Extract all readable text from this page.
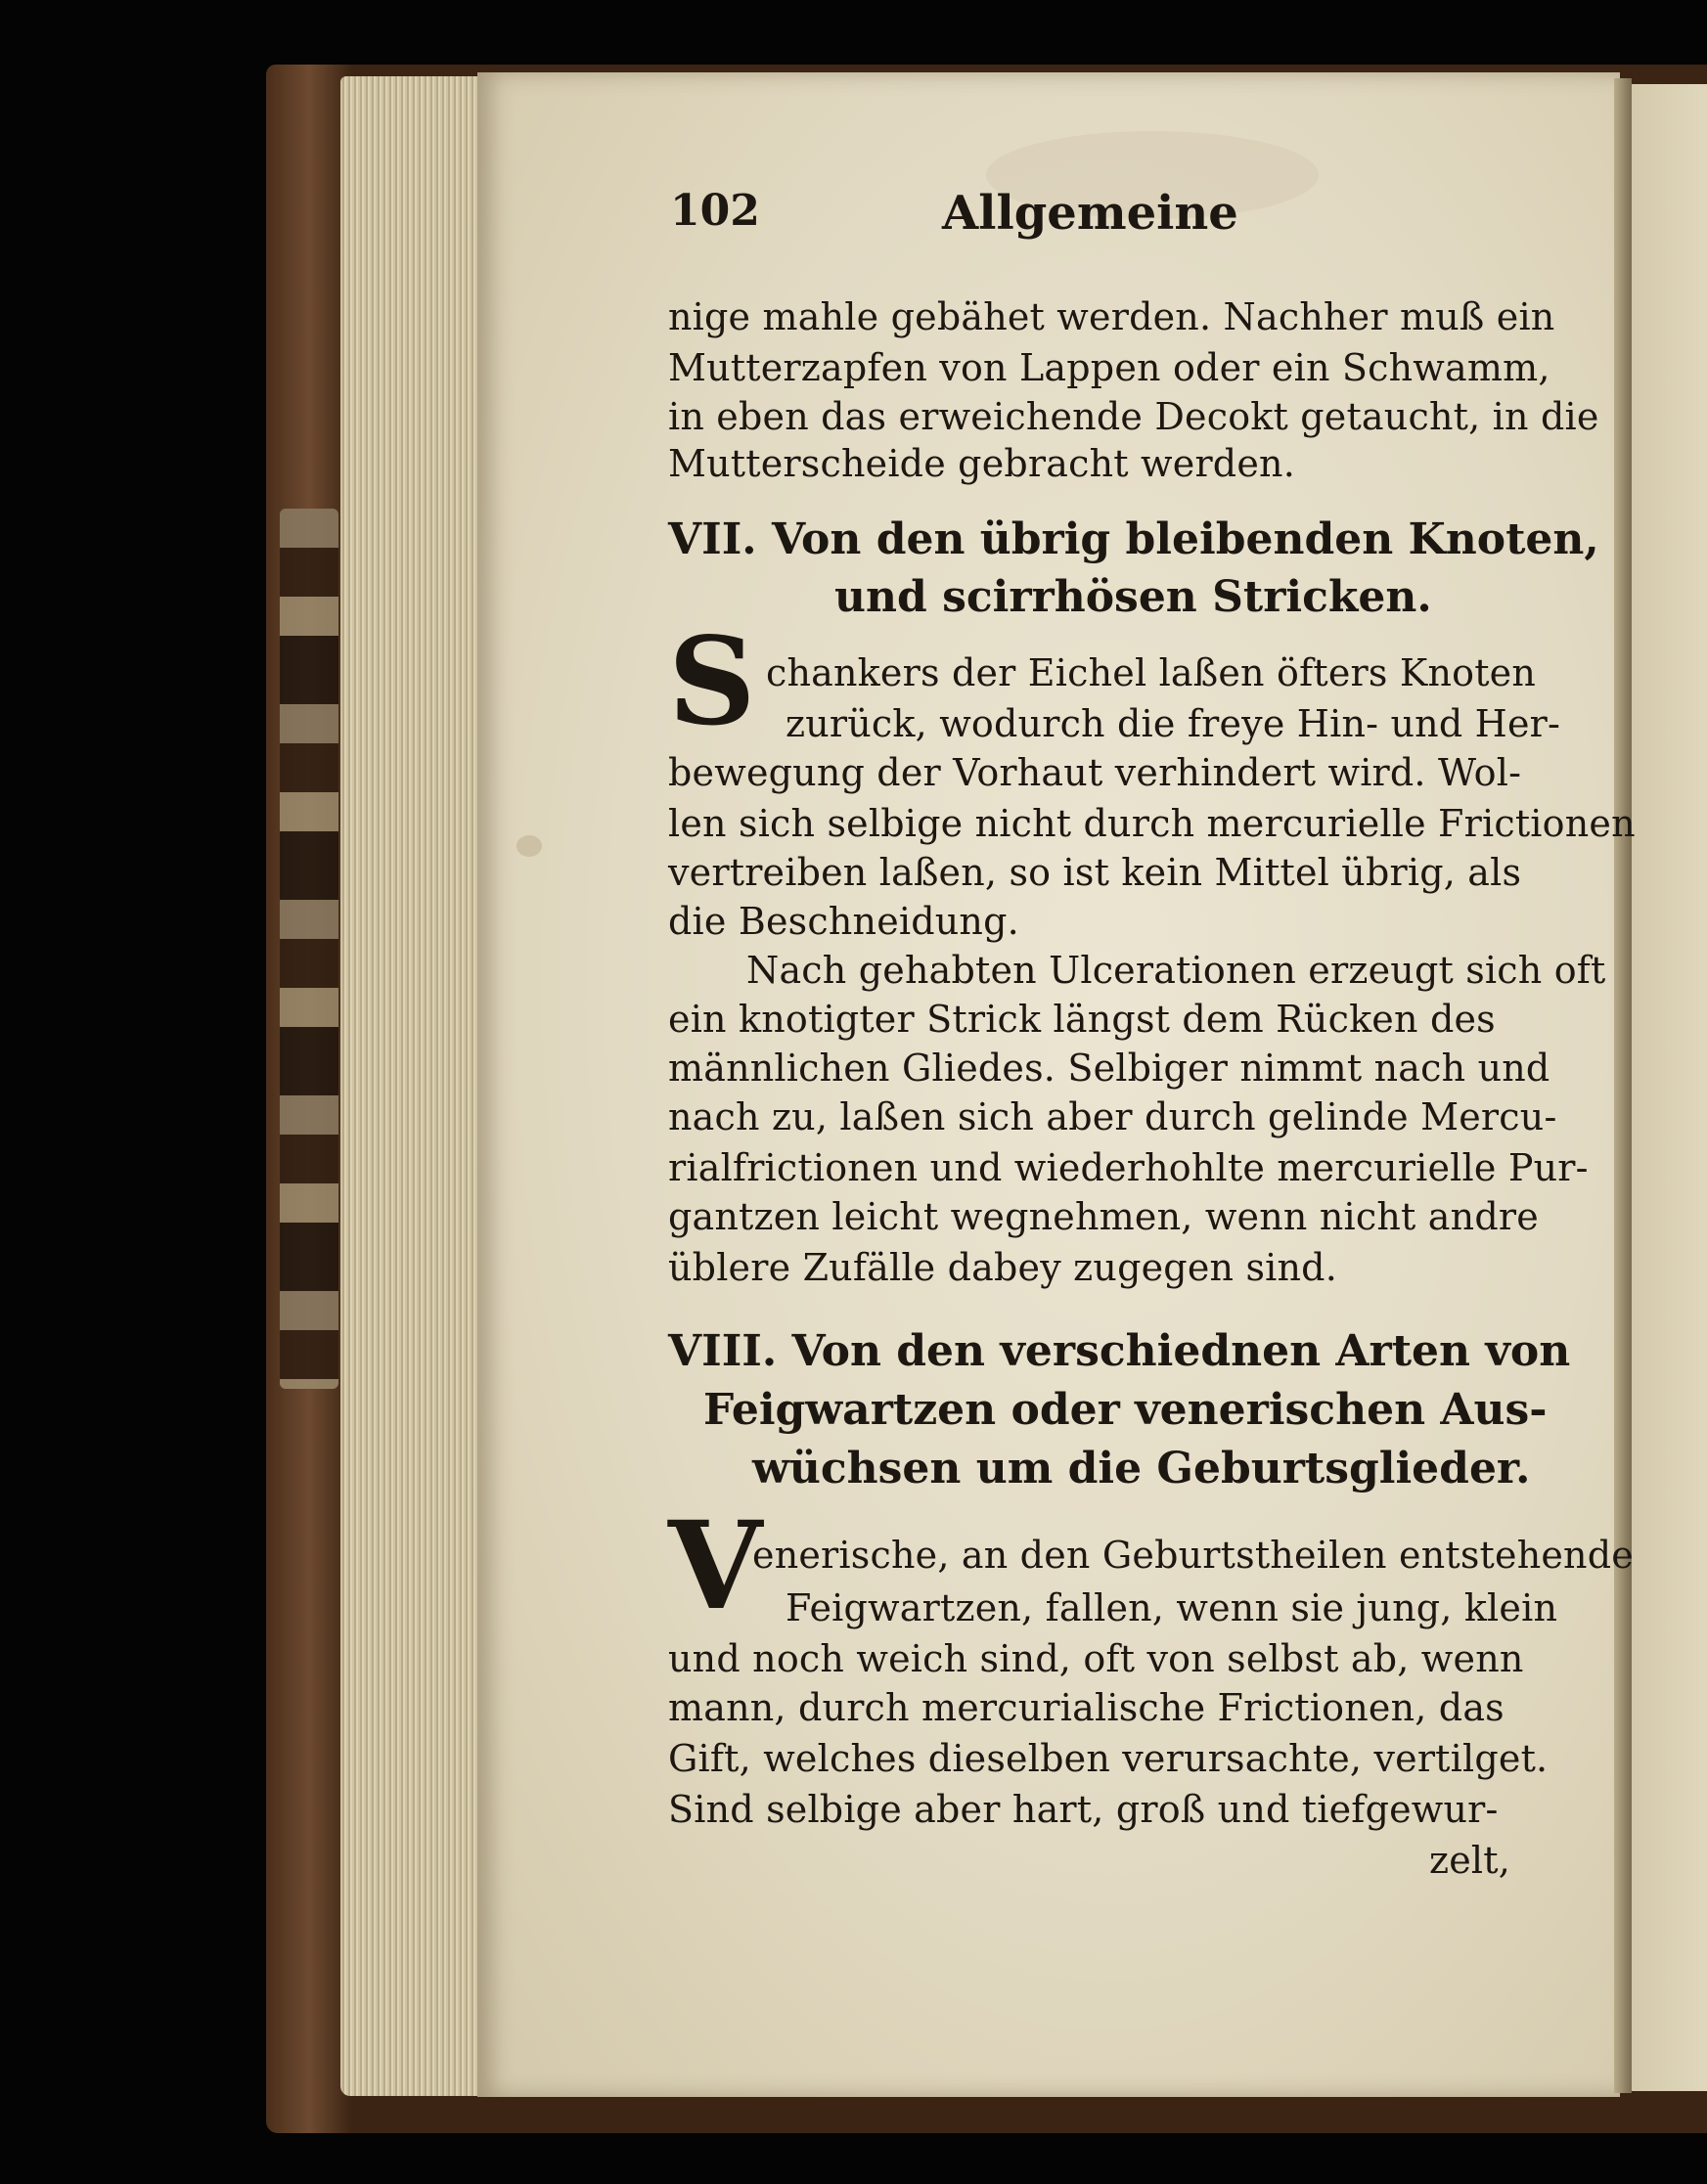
102	Allgemeine
nige mahle gebähet werden. Nachher muß ein
Mutterzapfen von Lappen oder ein Schwamm,
in eben das erweichende Decokt getaucht, in die
Mutterscheide gebracht werden.
VII. Von den übrig bleibenden Knoten,
und scirrhösen Stricken.
S chankers der Eichel laßen öfters Knoten
zurück, wodurch die freye Hin- und Her-
bewegung der Vorhaut verhindert wird. Wol-
len sich selbige nicht durch mercurielle Frictionen
vertreiben laßen, so ist kein Mittel übrig, als
die Beschneidung.
Nach gehabten Ulcerationen erzeugt sich oft
ein knotigter Strick längst dem Rücken des
männlichen Gliedes. Selbiger nimmt nach und
nach zu, laßen sich aber durch gelinde Mercu-
rialfrictionen und wiederhohlte mercurielle Pur-
gantzen leicht wegnehmen, wenn nicht andre
üblere Zufälle dabey zugegen sind.
VIII. Von den verschiednen Arten von
Feigwartzen oder venerischen Aus-
wüchsen um die Geburtsglieder.
V
enerische, an den Geburtstheilen entstehende
Feigwartzen, fallen, wenn sie jung, klein
und noch weich sind, oft von selbst ab, wenn
mann, durch mercurialische Frictionen, das
Gift, welches dieselben verursachte, vertilget.
Sind selbige aber hart, groß und tiefgewur-
zelt,
